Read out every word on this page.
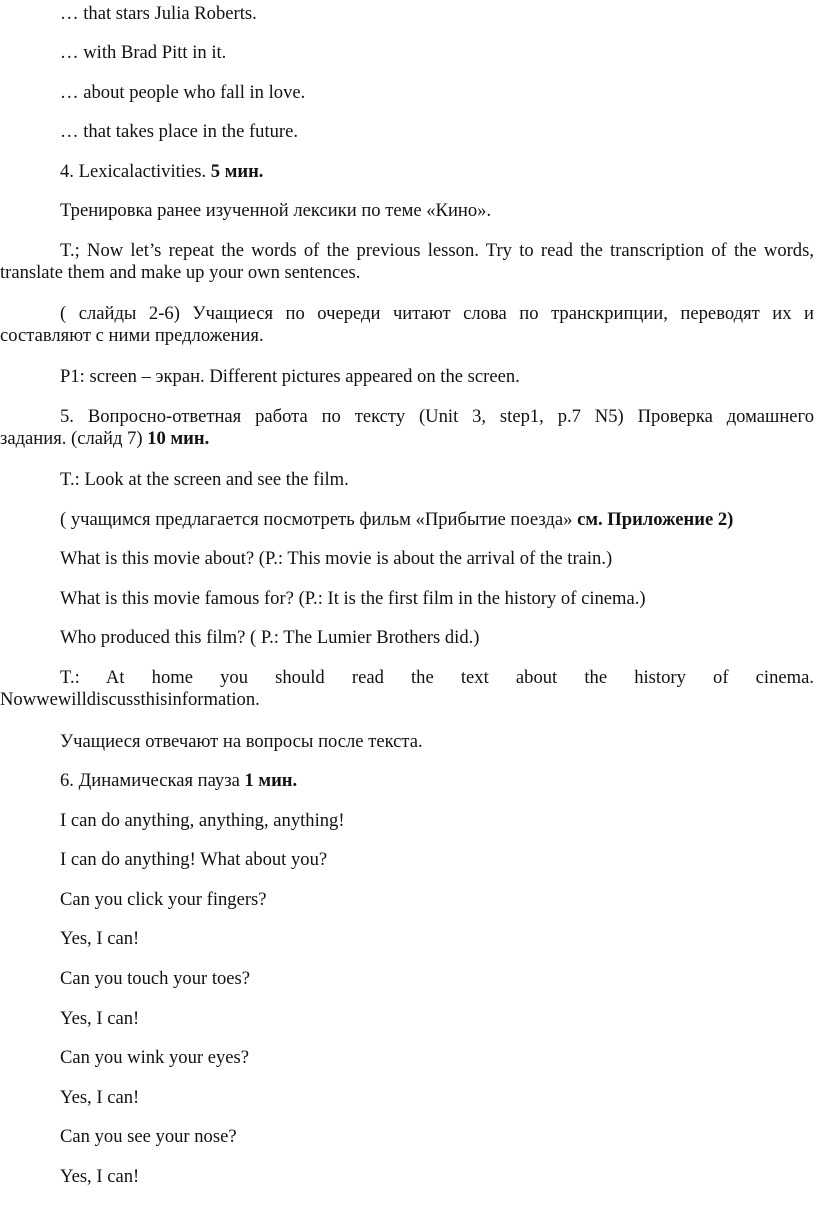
… that stars Julia Roberts.

… with Brad Pitt in it.

… about people who fall in love.

… that takes place in the future.

4. Lexicalactivities. 5 мин.

Тренировка ранее изученной лексики по теме «Кино».

T.; Now let’s repeat the words of the previous lesson. Try to read the transcription of the words,
translate them and make up your own sentences.
( слайды 2-6) Учащиеся по очереди читают слова по транскрипции, переводят их и
составляют с ними предложения.

P1: screen – экран. Different pictures appeared on the screen.

5. Вопросно-ответная работа по тексту (Unit 3, step1, p.7 N5) Проверка домашнего
задания. (слайд 7) 10 мин.

T.: Look at the screen and see the film.

( учащимся предлагается посмотреть фильм «Прибытие поезда» см. Приложение 2)

What is this movie about? (P.: This movie is about the arrival of the train.)

What is this movie famous for? (P.: It is the first film in the history of cinema.)

Who produced this film? ( P.: The Lumier Brothers did.)

T.: At home you should read the text about the history of cinema.
Nowwewilldiscussthisinformation.

Учащиеся отвечают на вопросы после текста.

6. Динамическая пауза 1 мин.

I can do anything, anything, anything!

I can do anything! What about you?

Can you click your fingers?

Yes, I can!

Can you touch your toes?

Yes, I can!

Can you wink your eyes?

Yes, I can!

Can you see your nose?

Yes, I can!
